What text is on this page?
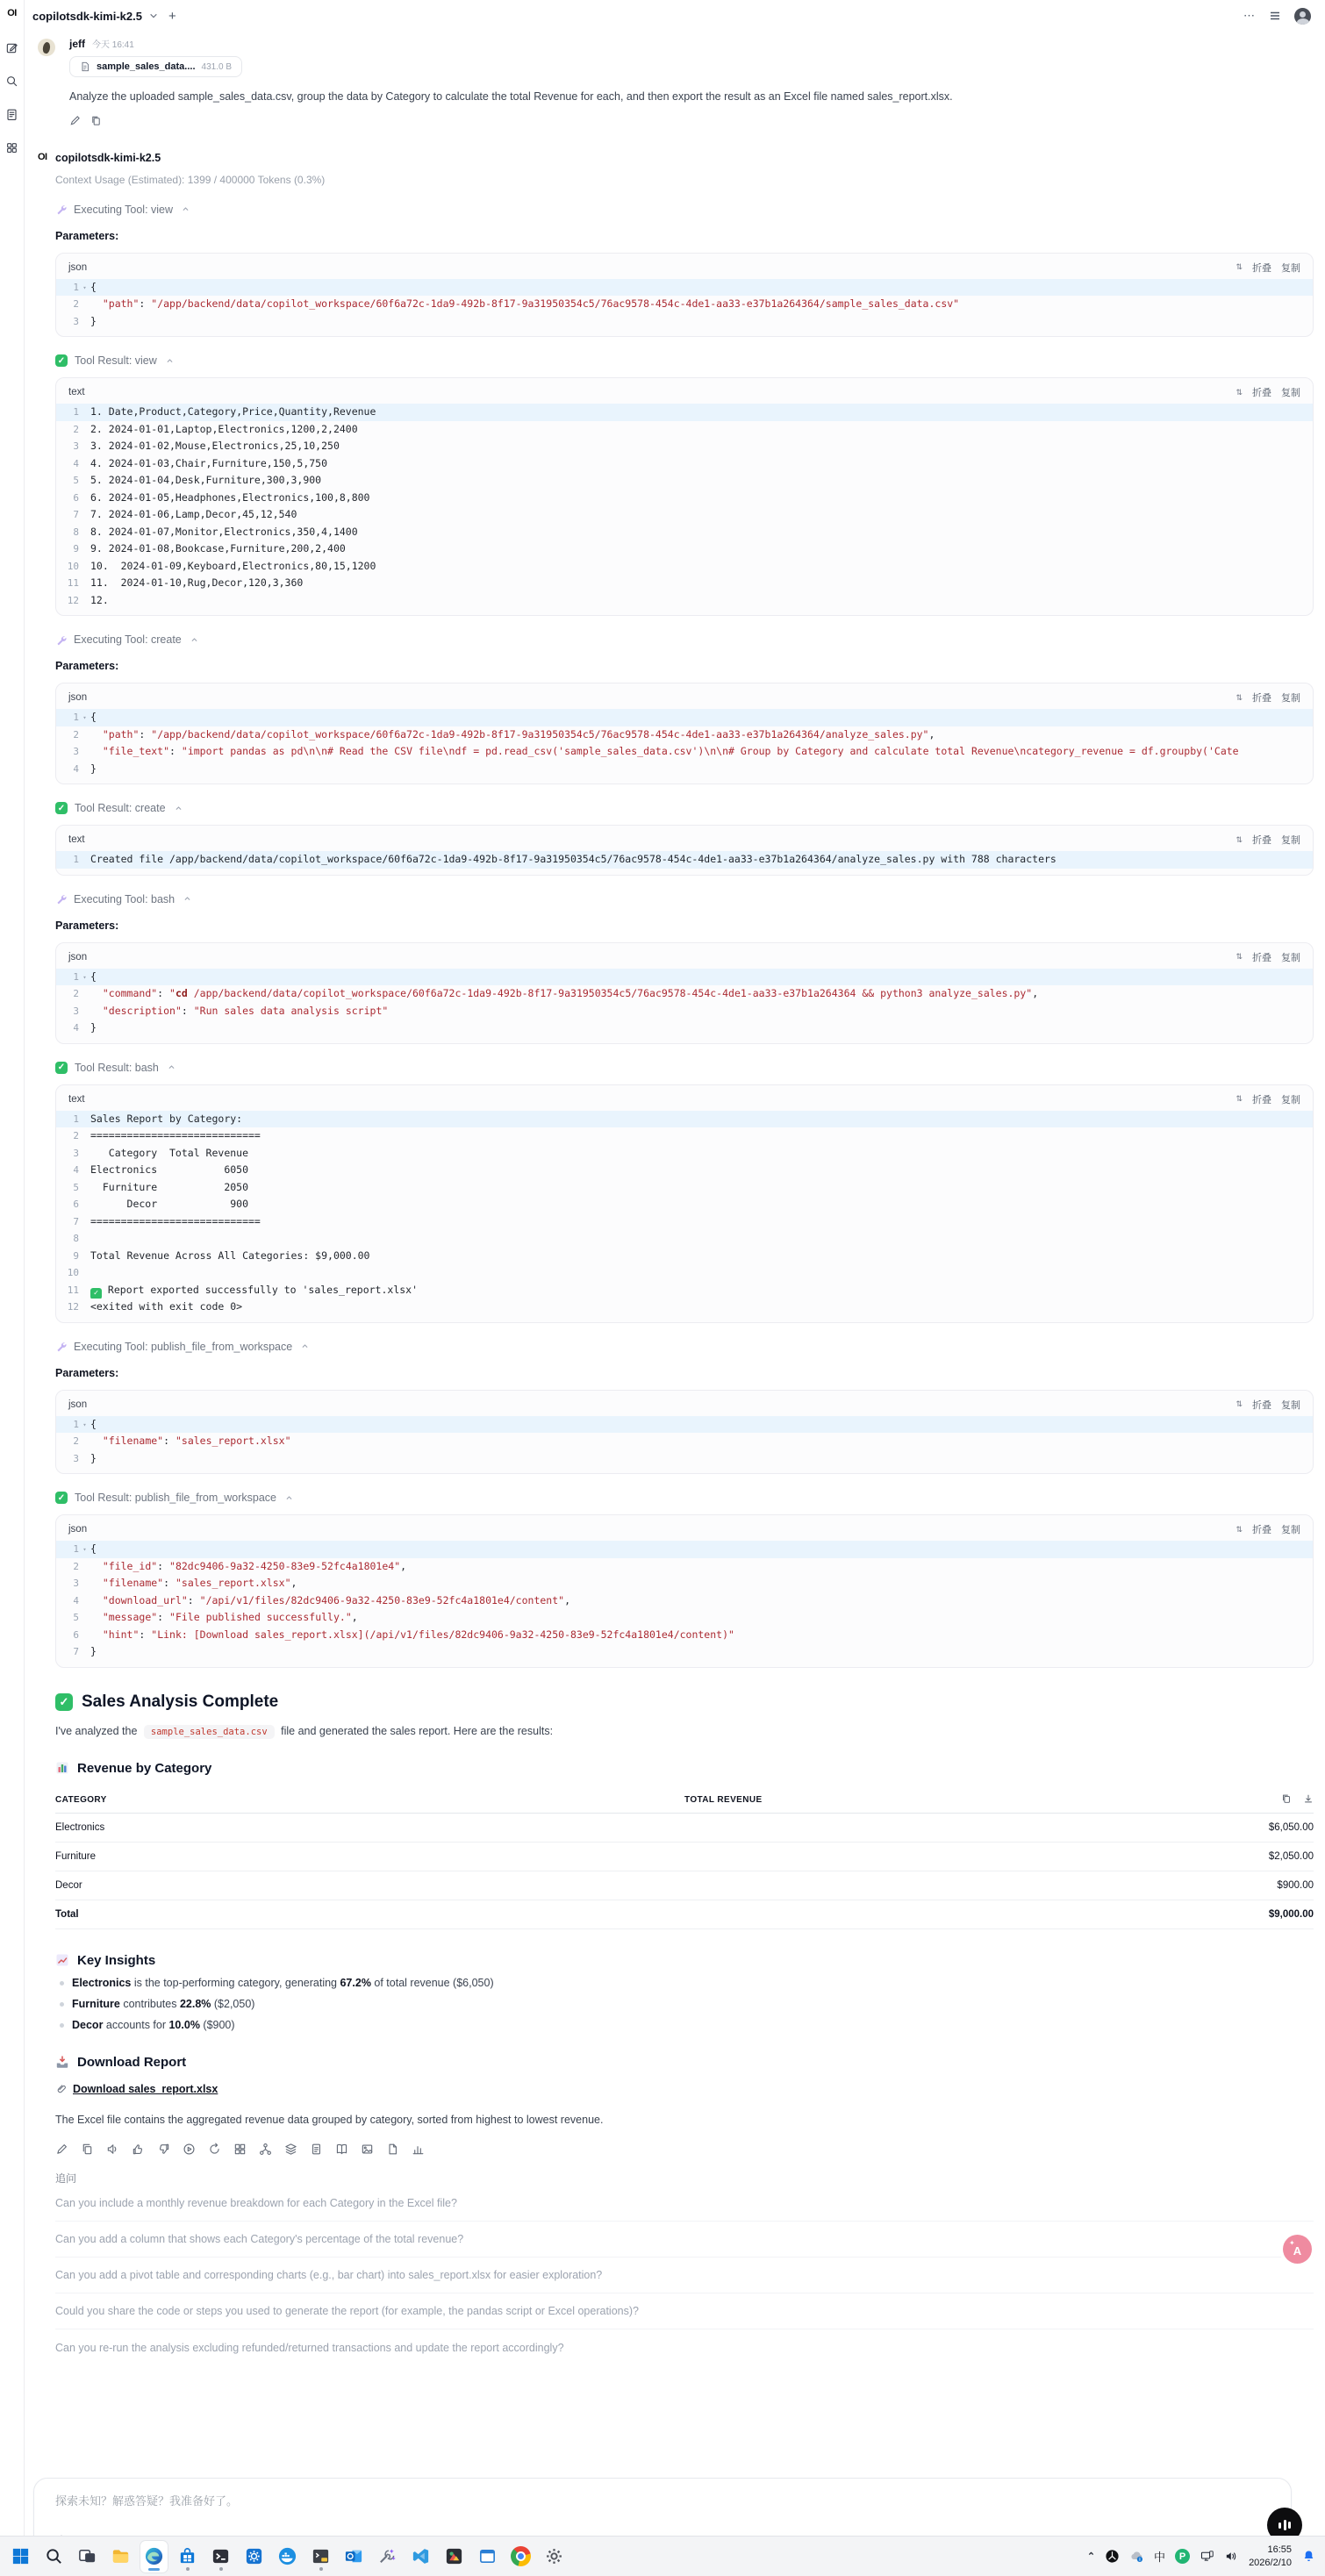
OI copilotsdk-kimi-k2.5 +	⋯
jeff 今天 16:41
sample_sales_data.... 431.0 B

Analyze the uploaded sample_sales_data.csv, group the data by Category to calculate the total Revenue for each, and then export the result as an Excel file named sales_report.xlsx.

OI copilotsdk-kimi-k2.5
Context Usage (Estimated): 1399 / 400000 Tokens (0.3%)
Executing Tool: view
Parameters:
json	⇅ 折叠 复制
1 ▾ {
2	"path": "/app/backend/data/copilot_workspace/60f6a72c-1da9-492b-8f17-9a31950354c5/76ac9578-454c-4de1-aa33-e37b1a264364/sample_sales_data.csv"
3 }
✓ Tool Result: view
text	⇅ 折叠 复制
1 1. Date,Product,Category,Price,Quantity,Revenue
2 2. 2024-01-01,Laptop,Electronics,1200,2,2400
3 3. 2024-01-02,Mouse,Electronics,25,10,250
4 4. 2024-01-03,Chair,Furniture,150,5,750
5 5. 2024-01-04,Desk,Furniture,300,3,900
6 6. 2024-01-05,Headphones,Electronics,100,8,800
7 7. 2024-01-06,Lamp,Decor,45,12,540
8 8. 2024-01-07,Monitor,Electronics,350,4,1400
9 9. 2024-01-08,Bookcase,Furniture,200,2,400
10 10.  2024-01-09,Keyboard,Electronics,80,15,1200
11 11.  2024-01-10,Rug,Decor,120,3,360
12 12.
Executing Tool: create
Parameters:
json	⇅ 折叠 复制
1 ▾ {
2	"path": "/app/backend/data/copilot_workspace/60f6a72c-1da9-492b-8f17-9a31950354c5/76ac9578-454c-4de1-aa33-e37b1a264364/analyze_sales.py",
3	"file_text": "import pandas as pd\n\n# Read the CSV file\ndf = pd.read_csv('sample_sales_data.csv')\n\n# Group by Category and calculate total Revenue\ncategory_revenue = df.groupby('Cate
4 }
✓ Tool Result: create
text	⇅ 折叠 复制
1 Created file /app/backend/data/copilot_workspace/60f6a72c-1da9-492b-8f17-9a31950354c5/76ac9578-454c-4de1-aa33-e37b1a264364/analyze_sales.py with 788 characters
Executing Tool: bash
Parameters:
json	⇅ 折叠 复制
1 ▾ {
2	"command": "cd /app/backend/data/copilot_workspace/60f6a72c-1da9-492b-8f17-9a31950354c5/76ac9578-454c-4de1-aa33-e37b1a264364 && python3 analyze_sales.py",
3	"description": "Run sales data analysis script"
4 }
✓ Tool Result: bash
text	⇅ 折叠 复制
1 Sales Report by Category:
2 ============================
3 Category  Total Revenue
4 Electronics           6050
5 Furniture           2050
6 Decor            900
7 ============================
8
9 Total Revenue Across All Categories: $9,000.00
10
11	✓ Report exported successfully to 'sales_report.xlsx'
12 <exited with exit code 0>
Executing Tool: publish_file_from_workspace
Parameters:
json	⇅ 折叠 复制
1 ▾ {
2	"filename": "sales_report.xlsx"
3 }
✓ Tool Result: publish_file_from_workspace
json	⇅ 折叠 复制
1 ▾ {
2	"file_id": "82dc9406-9a32-4250-83e9-52fc4a1801e4",
3	"filename": "sales_report.xlsx",
4	"download_url": "/api/v1/files/82dc9406-9a32-4250-83e9-52fc4a1801e4/content",
5	"message": "File published successfully.",
6	"hint": "Link: [Download sales_report.xlsx](/api/v1/files/82dc9406-9a32-4250-83e9-52fc4a1801e4/content)"
7 }
✓ Sales Analysis Complete

I've analyzed the sample_sales_data.csv file and generated the sales report. Here are the results:

Revenue by Category
CATEGORY	TOTAL REVENUE
Electronics	$6,050.00
Furniture	$2,050.00
Decor	$900.00
Total	$9,000.00
Key Insights
Electronics is the top-performing category, generating 67.2% of total revenue ($6,050)
Furniture contributes 22.8% ($2,050)
Decor accounts for 10.0% ($900)
Download Report
Download sales_report.xlsx

The Excel file contains the aggregated revenue data grouped by category, sorted from highest to lowest revenue.

追问
Can you include a monthly revenue breakdown for each Category in the Excel file?
Can you add a column that shows each Category's percentage of the total revenue?
Can you add a pivot table and corresponding charts (e.g., bar chart) into sales_report.xlsx for easier exploration?
Could you share the code or steps you used to generate the report (for example, the pandas script or Excel operations)?
Can you re-run the analysis excluding refunded/returned transactions and update the report accordingly?
探索未知？解惑答疑？我准备好了。
✦
A
⌃	中	P
16:55
2026/2/10
